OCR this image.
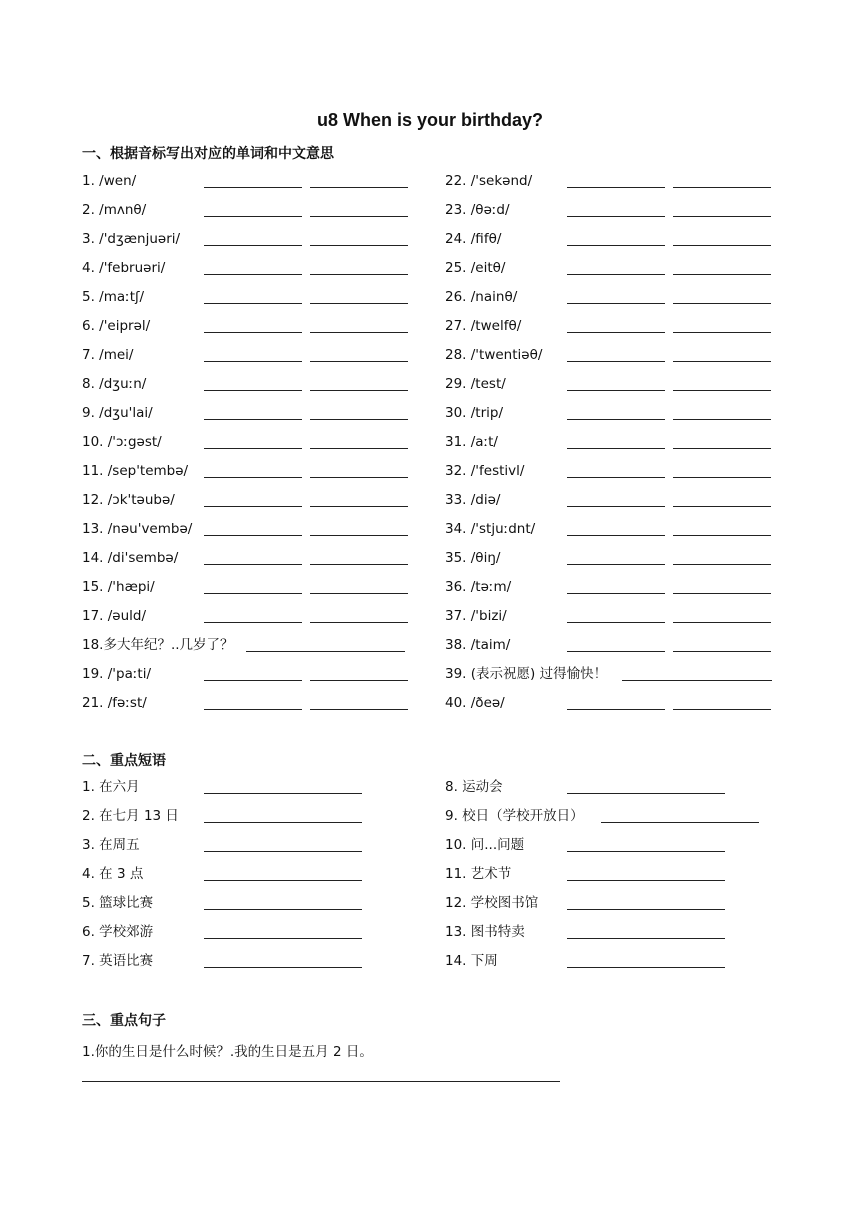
u8 When is your birthday?
一、根据音标写出对应的单词和中文意思
1. /wen/
2. /mʌnθ/
3. /'dʒænjuəri/
4. /'februəri/
5. /maːtʃ/
6. /'eiprəl/
7. /mei/
8. /dʒuːn/
9. /dʒu'lai/
10. /'ɔːgəst/
11. /sep'tembə/
12. /ɔk'təubə/
13. /nəu'vembə/
14. /di'sembə/
15. /'hæpi/
17. /əuld/
18.多大年纪？..几岁了？
19. /'paːti/
21. /fəːst/
22. /'sekənd/
23. /θəːd/
24. /fifθ/
25. /eitθ/
26. /nainθ/
27. /twelfθ/
28. /'twentiəθ/
29. /test/
30. /trip/
31. /aːt/
32. /'festivl/
33. /diə/
34. /'stjuːdnt/
35. /θiŋ/
36. /təːm/
37. /'bizi/
38. /taim/
39. (表示祝愿) 过得愉快！
40. /ðeə/
二、重点短语
1. 在六月
2. 在七月 13 日
3. 在周五
4. 在 3 点
5. 篮球比赛
6. 学校郊游
7. 英语比赛
8. 运动会
9. 校日（学校开放日）
10. 问...问题
11. 艺术节
12. 学校图书馆
13. 图书特卖
14. 下周
三、重点句子
1.你的生日是什么时候？.我的生日是五月 2 日。
